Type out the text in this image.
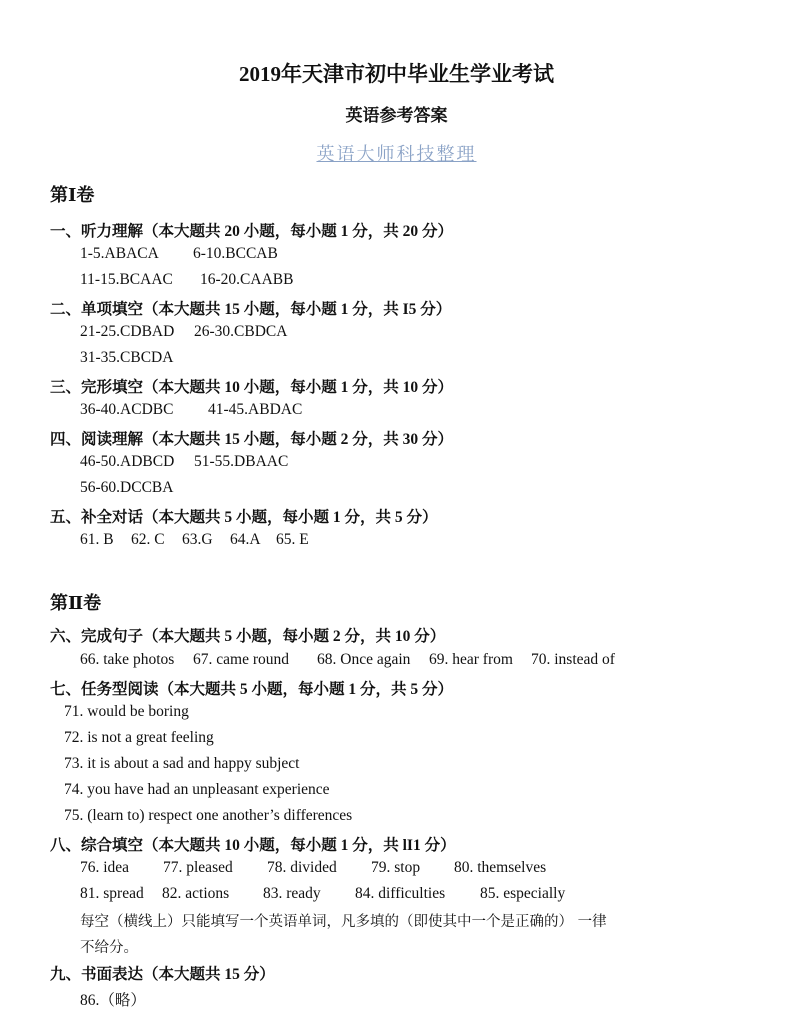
2019年天津市初中毕业生学业考试
英语参考答案
英语大师科技整理
第Ⅰ卷
一、听力理解（本大题共 20 小题，每小题 1 分，共 20 分）
1-5.ABACA 6-10.BCCAB
11-15.BCAAC 16-20.CAABB
二、单项填空（本大题共 15 小题，每小题 1 分，共 I5 分）
21-25.CDBAD 26-30.CBDCA
31-35.CBCDA
三、完形填空（本大题共 10 小题，每小题 1 分，共 10 分）
36-40.ACDBC 41-45.ABDAC
四、阅读理解（本大题共 15 小题，每小题 2 分，共 30 分）
46-50.ADBCD 51-55.DBAAC
56-60.DCCBA
五、补全对话（本大题共 5 小题，每小题 1 分，共 5 分）
61. B 62. C 63.G 64.A 65. E
第Ⅱ卷
六、完成句子（本大题共 5 小题，每小题 2 分，共 10 分）
66. take photos 67. came round 68. Once again 69. hear from 70. instead of
七、任务型阅读（本大题共 5 小题，每小题 1 分，共 5 分）
71. would be boring
72. is not a great feeling
73. it is about a sad and happy subject
74. you have had an unpleasant experience
75. (learn to) respect one another’s differences
八、综合填空（本大题共 10 小题，每小题 1 分，共 lI1 分）
76. idea 77. pleased 78. divided 79. stop 80. themselves
81. spread 82. actions 83. ready 84. difficulties 85. especially
每空（横线上）只能填写一个英语单词，凡多填的（即使其中一个是正确的） 一律
不给分。
九、书面表达（本大题共 15 分）
86.（略）
